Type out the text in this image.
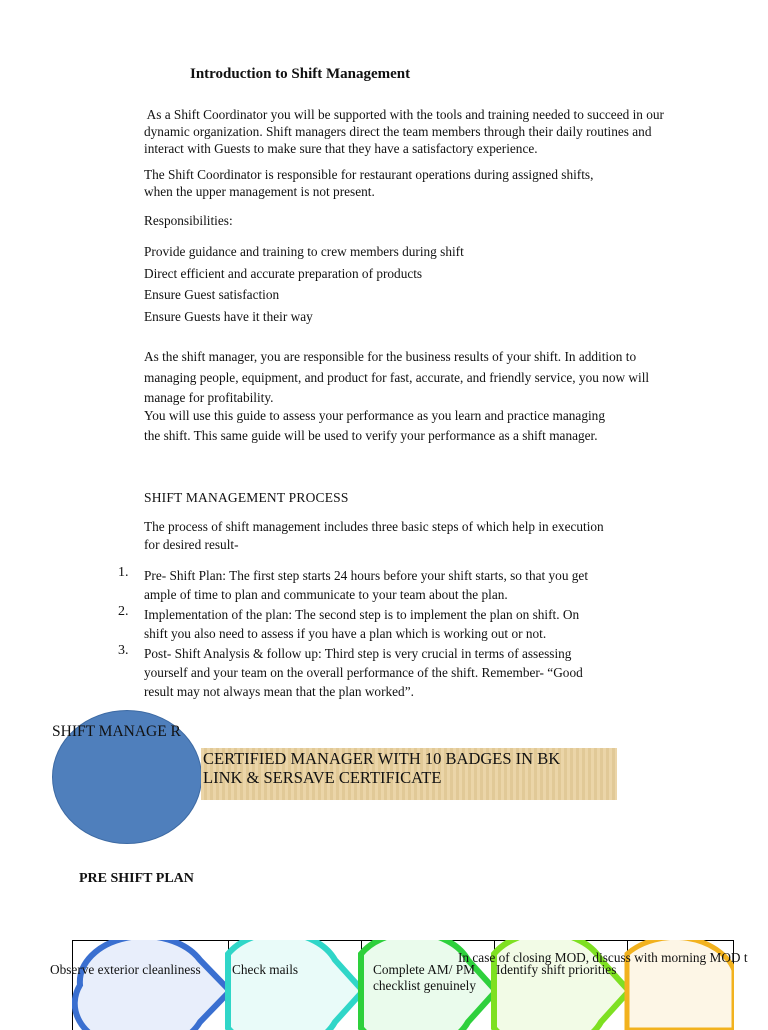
Introduction to Shift Management
As a Shift Coordinator you will be supported with the tools and training needed to succeed in our
dynamic organization. Shift managers direct the team members through their daily routines and
interact with Guests to make sure that they have a satisfactory experience.
The Shift Coordinator is responsible for restaurant operations during assigned shifts,
when the upper management is not present.
Responsibilities:
Provide guidance and training to crew members during shift
Direct efficient and accurate preparation of products
Ensure Guest satisfaction
Ensure Guests have it their way
As the shift manager, you are responsible for the business results of your shift. In addition to
managing people, equipment, and product for fast, accurate, and friendly service, you now will
manage for profitability.
You will use this guide to assess your performance as you learn and practice managing
the shift. This same guide will be used to verify your performance as a shift manager.
SHIFT MANAGEMENT PROCESS
The process of shift management includes three basic steps of which help in execution
for desired result-
1. Pre- Shift Plan: The first step starts 24 hours before your shift starts, so that you get
ample of time to plan and communicate to your team about the plan.
2. Implementation of the plan: The second step is to implement the plan on shift. On
shift you also need to assess if you have a plan which is working out or not.
3. Post- Shift Analysis & follow up: Third step is very crucial in terms of assessing
yourself and your team on the overall performance of the shift. Remember- “Good
result may not always mean that the plan worked”.
SHIFT MANAGE R
CERTIFIED MANAGER WITH 10 BADGES IN BK
LINK & SERSAVE CERTIFICATE
PRE SHIFT PLAN
Observe exterior cleanliness Check mails	Complete AM/ PM
checklist genuinely
Identify shift priorities
In case of closing MOD, discuss with morning MOD t
